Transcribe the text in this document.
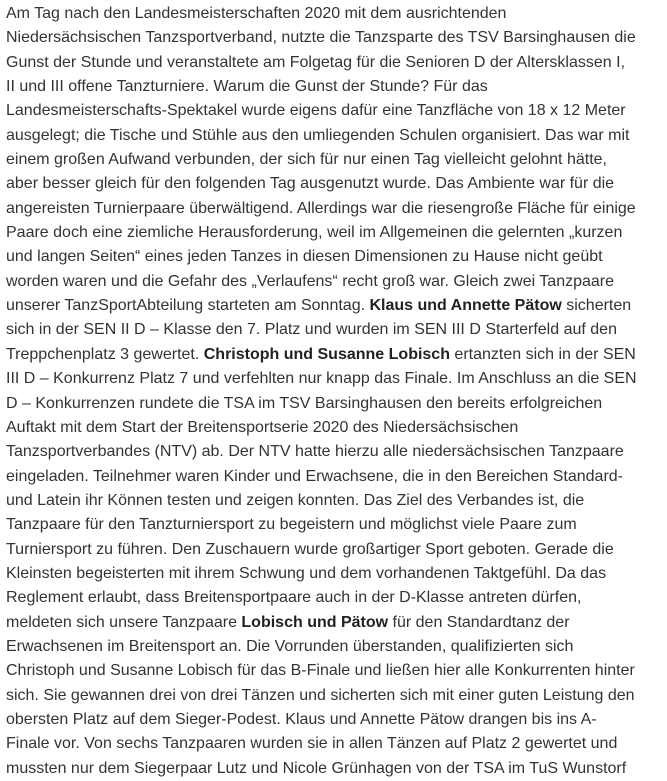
Am Tag nach den Landesmeisterschaften 2020 mit dem ausrichtenden
Niedersächsischen Tanzsportverband, nutzte die Tanzsparte des TSV Barsinghausen die
Gunst der Stunde und veranstaltete am Folgetag für die Senioren D der Altersklassen I,
II und III offene Tanzturniere. Warum die Gunst der Stunde? Für das
Landesmeisterschafts-Spektakel wurde eigens dafür eine Tanzfläche von 18 x 12 Meter
ausgelegt; die Tische und Stühle aus den umliegenden Schulen organisiert. Das war mit
einem großen Aufwand verbunden, der sich für nur einen Tag vielleicht gelohnt hätte,
aber besser gleich für den folgenden Tag ausgenutzt wurde. Das Ambiente war für die
angereisten Turnierpaare überwältigend. Allerdings war die riesengroße Fläche für einige
Paare doch eine ziemliche Herausforderung, weil im Allgemeinen die gelernten „kurzen
und langen Seiten“ eines jeden Tanzes in diesen Dimensionen zu Hause nicht geübt
worden waren und die Gefahr des „Verlaufens“ recht groß war. Gleich zwei Tanzpaare
unserer TanzSportAbteilung starteten am Sonntag. Klaus und Annette Pätow sicherten
sich in der SEN II D – Klasse den 7. Platz und wurden im SEN III D Starterfeld auf den
Treppchenplatz 3 gewertet. Christoph und Susanne Lobisch ertanzten sich in der SEN
III D – Konkurrenz Platz 7 und verfehlten nur knapp das Finale. Im Anschluss an die SEN
D – Konkurrenzen rundete die TSA im TSV Barsinghausen den bereits erfolgreichen
Auftakt mit dem Start der Breitensportserie 2020 des Niedersächsischen
Tanzsportverbandes (NTV) ab. Der NTV hatte hierzu alle niedersächsischen Tanzpaare
eingeladen. Teilnehmer waren Kinder und Erwachsene, die in den Bereichen Standard-
und Latein ihr Können testen und zeigen konnten. Das Ziel des Verbandes ist, die
Tanzpaare für den Tanzturniersport zu begeistern und möglichst viele Paare zum
Turniersport zu führen. Den Zuschauern wurde großartiger Sport geboten. Gerade die
Kleinsten begeisterten mit ihrem Schwung und dem vorhandenen Taktgefühl. Da das
Reglement erlaubt, dass Breitensportpaare auch in der D-Klasse antreten dürfen,
meldeten sich unsere Tanzpaare Lobisch und Pätow für den Standardtanz der
Erwachsenen im Breitensport an. Die Vorrunden überstanden, qualifizierten sich
Christoph und Susanne Lobisch für das B-Finale und ließen hier alle Konkurrenten hinter
sich. Sie gewannen drei von drei Tänzen und sicherten sich mit einer guten Leistung den
obersten Platz auf dem Sieger-Podest. Klaus und Annette Pätow drangen bis ins A-
Finale vor. Von sechs Tanzpaaren wurden sie in allen Tänzen auf Platz 2 gewertet und
mussten nur dem Siegerpaar Lutz und Nicole Grünhagen von der TSA im TuS Wunstorf
